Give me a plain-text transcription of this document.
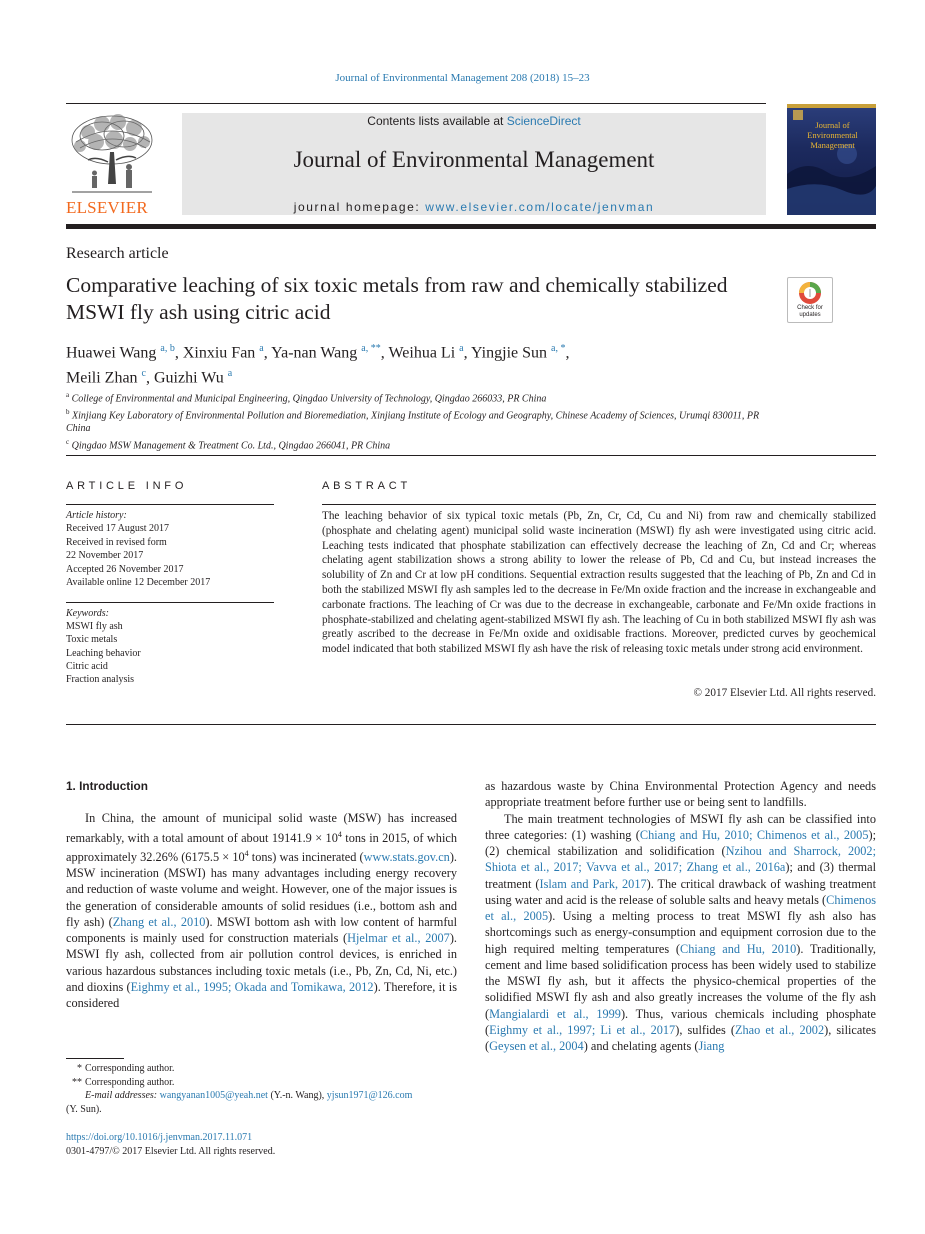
Journal of Environmental Management 208 (2018) 15–23
ELSEVIER
Contents lists available at ScienceDirect
Journal of Environmental Management
journal homepage: www.elsevier.com/locate/jenvman
Journal of Environmental Management
Research article
Comparative leaching of six toxic metals from raw and chemically stabilized MSWI fly ash using citric acid	Check for updates
Huawei Wang $^{a, b}$, Xinxiu Fan $^a$, Ya-nan Wang $^{a, **}$, Weihua Li $^a$, Yingjie Sun $^{a, *}$,
Meili Zhan $^c$, Guizhi Wu $^a$
$^a$ College of Environmental and Municipal Engineering, Qingdao University of Technology, Qingdao 266033, PR China
$^b$ Xinjiang Key Laboratory of Environmental Pollution and Bioremediation, Xinjiang Institute of Ecology and Geography, Chinese Academy of Sciences, Urumqi 830011, PR China
$^c$ Qingdao MSW Management & Treatment Co. Ltd., Qingdao 266041, PR China
ARTICLE INFO	ABSTRACT
Article history:
Received 17 August 2017
Received in revised form
22 November 2017
Accepted 26 November 2017
Available online 12 December 2017
Keywords:
MSWI fly ash
Toxic metals
Leaching behavior
Citric acid
Fraction analysis
The leaching behavior of six typical toxic metals (Pb, Zn, Cr, Cd, Cu and Ni) from raw and chemically stabilized (phosphate and chelating agent) municipal solid waste incineration (MSWI) fly ash were investigated using citric acid. Leaching tests indicated that phosphate stabilization can effectively decrease the leaching of Zn, Cd and Cr; whereas chelating agent stabilization shows a strong ability to lower the release of Pb, Cd and Cu, but instead increases the solubility of Zn and Cr at low pH conditions. Sequential extraction results suggested that the leaching of Pb, Zn and Cd in both the stabilized MSWI fly ash samples led to the decrease in Fe/Mn oxide fraction and the increase in exchangeable and carbonate fractions. The leaching of Cr was due to the decrease in exchangeable, carbonate and Fe/Mn oxide fractions in phosphate-stabilized and chelating agent-stabilized MSWI fly ash. The leaching of Cu in both stabilized MSWI fly ash was greatly ascribed to the decrease in Fe/Mn oxide and oxidisable fractions. Moreover, predicted curves by geochemical model indicated that both stabilized MSWI fly ash have the risk of releasing toxic metals under strong acid environment.
© 2017 Elsevier Ltd. All rights reserved.
1. Introduction

In China, the amount of municipal solid waste (MSW) has increased remarkably, with a total amount of about $19141.9 \times 10^4$ tons in 2015, of which approximately 32.26% ($6175.5 \times 10^4$ tons) was incinerated (www.stats.gov.cn). MSW incineration (MSWI) has many advantages including energy recovery and reduction of waste volume and weight. However, one of the major issues is the generation of considerable amounts of solid residues (i.e., bottom ash and fly ash) (Zhang et al., 2010). MSWI bottom ash with low content of harmful components is mainly used for construction materials (Hjelmar et al., 2007). MSWI fly ash, collected from air pollution control devices, is enriched in various hazardous substances including toxic metals (i.e., Pb, Zn, Cd, Ni, etc.) and dioxins (Eighmy et al., 1995; Okada and Tomikawa, 2012). Therefore, it is considered

as hazardous waste by China Environmental Protection Agency and needs appropriate treatment before further use or being sent to landfills.

The main treatment technologies of MSWI fly ash can be classified into three categories: (1) washing (Chiang and Hu, 2010; Chimenos et al., 2005); (2) chemical stabilization and solidification (Nzihou and Sharrock, 2002; Shiota et al., 2017; Vavva et al., 2017; Zhang et al., 2016a); and (3) thermal treatment (Islam and Park, 2017). The critical drawback of washing treatment using water and acid is the release of soluble salts and heavy metals (Chimenos et al., 2005). Using a melting process to treat MSWI fly ash also has shortcomings such as energy-consumption and equipment corrosion due to the high required melting temperatures (Chiang and Hu, 2010). Traditionally, cement and lime based solidification process has been widely used to stabilize the MSWI fly ash, but it affects the physico-chemical properties of the solidified MSWI fly ash and also greatly increases the volume of the fly ash (Mangialardi et al., 1999). Thus, various chemicals including phosphate (Eighmy et al., 1997; Li et al., 2017), sulfides (Zhao et al., 2002), silicates (Geysen et al., 2004) and chelating agents (Jiang

* Corresponding author.
** Corresponding author.
E-mail addresses: wangyanan1005@yeah.net (Y.-n. Wang), yjsun1971@126.com
(Y. Sun).
https://doi.org/10.1016/j.jenvman.2017.11.071
0301-4797/© 2017 Elsevier Ltd. All rights reserved.
